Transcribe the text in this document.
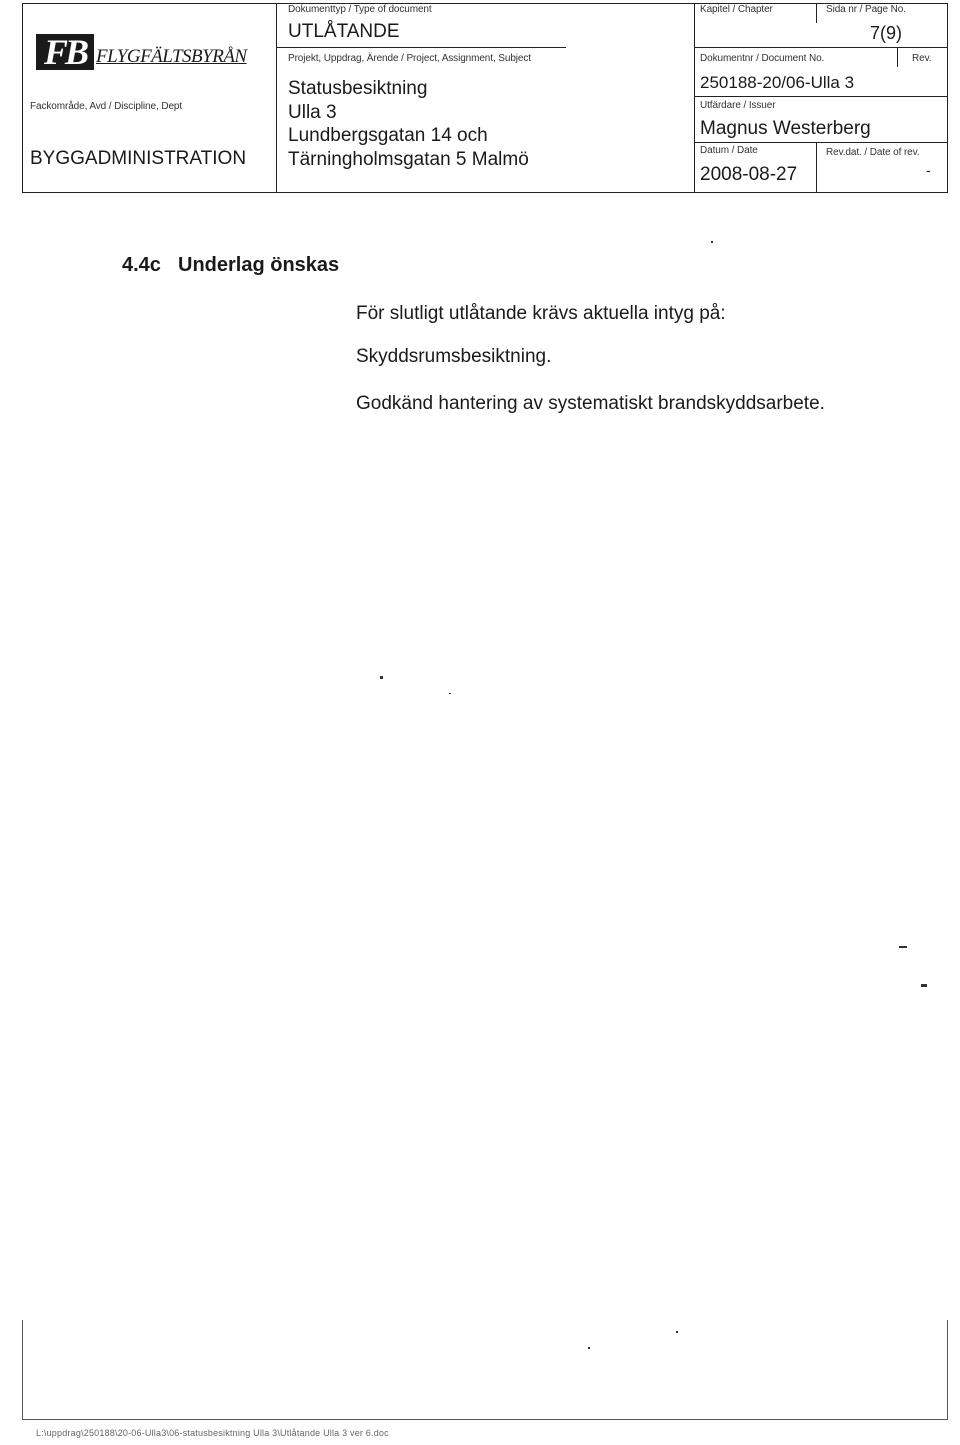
FB FLYGFÄLTSBYRÅN
Fackområde, Avd / Discipline, Dept
BYGGADMINISTRATION
Dokumenttyp / Type of document
UTLÅTANDE
Projekt, Uppdrag, Ärende / Project, Assignment, Subject
Statusbesiktning
Ulla 3
Lundbergsgatan 14 och
Tärningholmsgatan 5 Malmö
Kapitel / Chapter	Sida nr / Page No.
7(9)
Dokumentnr / Document No.	Rev.
250188-20/06-Ulla 3
Utfärdare / Issuer
Magnus Westerberg
Datum / Date
2008-08-27
Rev.dat. / Date of rev.
-
4.4c Underlag önskas
För slutligt utlåtande krävs aktuella intyg på:
Skyddsrumsbesiktning.
Godkänd hantering av systematiskt brandskyddsarbete.
L:\uppdrag\250188\20-06-Ulla3\06-statusbesiktning Ulla 3\Utlåtande Ulla 3 ver 6.doc
